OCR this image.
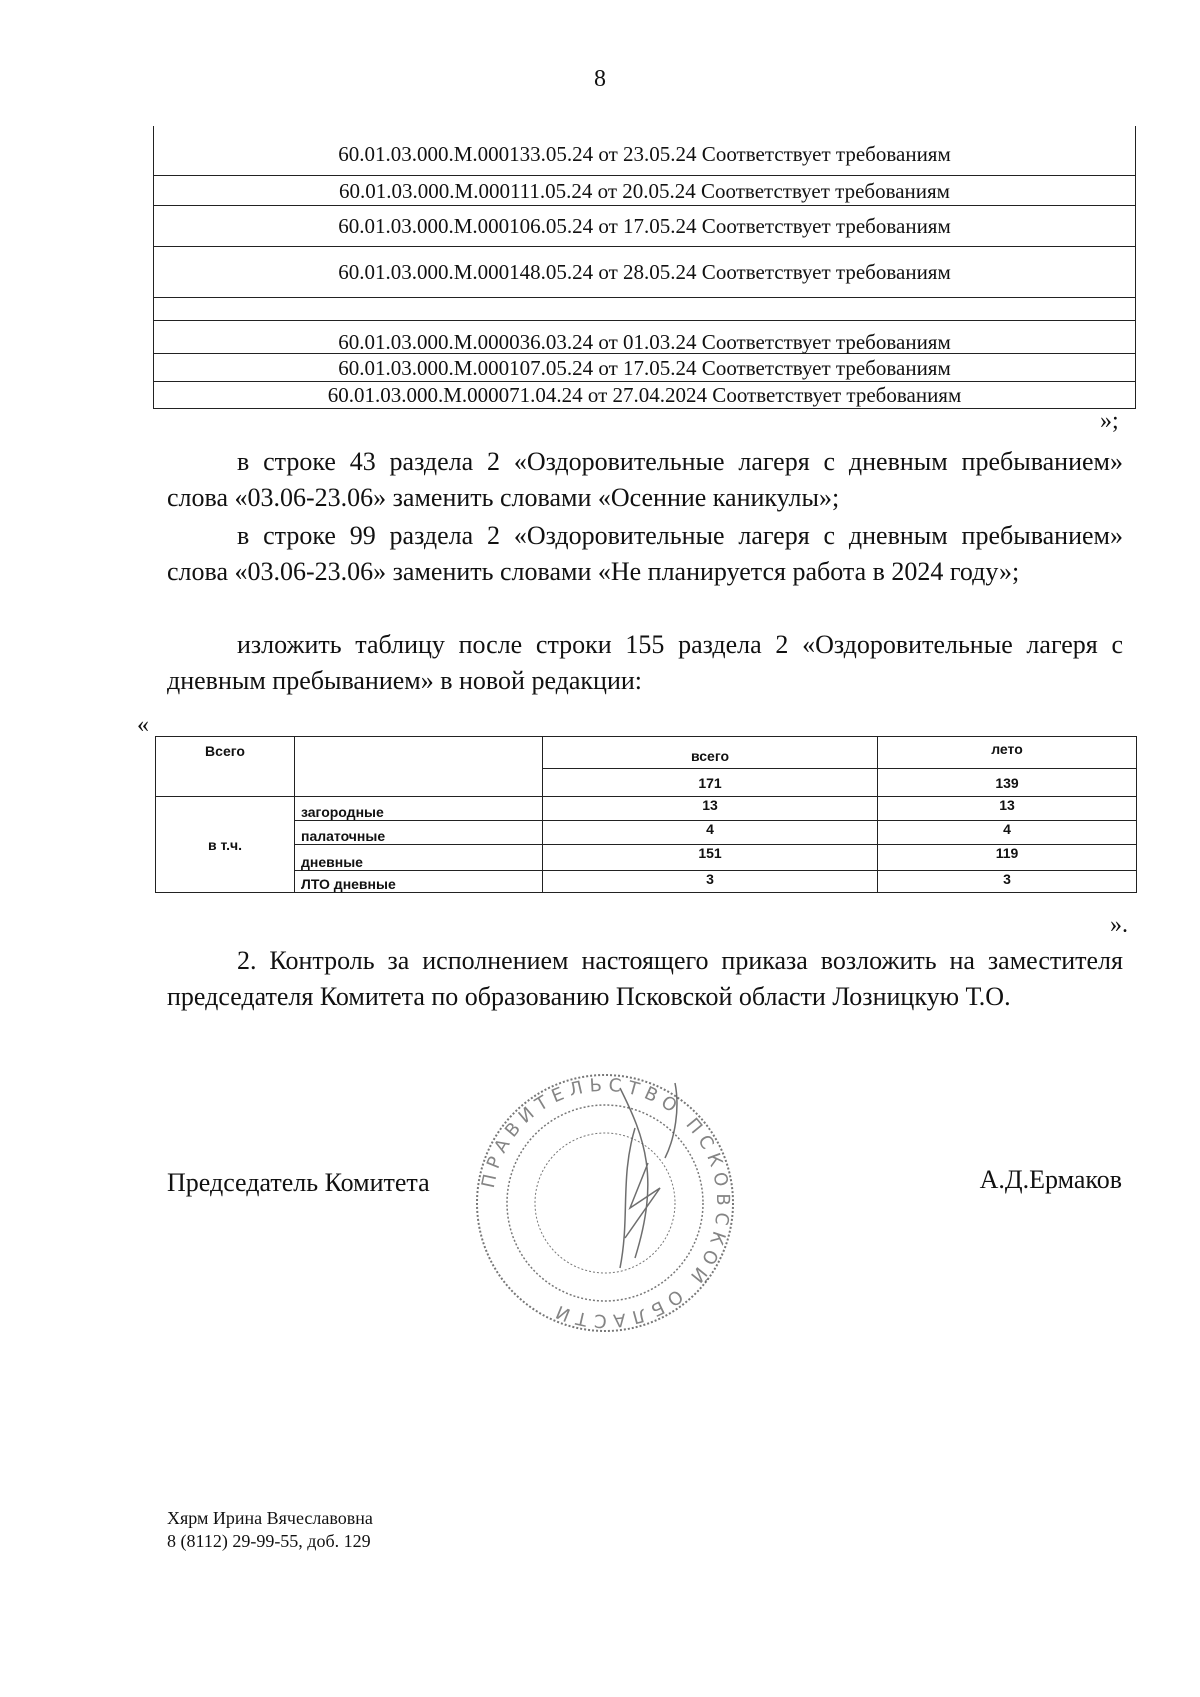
8
60.01.03.000.М.000133.05.24 от 23.05.24 Соответствует требованиям
60.01.03.000.М.000111.05.24 от 20.05.24 Соответствует требованиям
60.01.03.000.М.000106.05.24 от 17.05.24 Соответствует требованиям
60.01.03.000.М.000148.05.24 от 28.05.24 Соответствует требованиям

60.01.03.000.М.000036.03.24 от 01.03.24 Соответствует требованиям
60.01.03.000.М.000107.05.24 от 17.05.24 Соответствует требованиям
60.01.03.000.М.000071.04.24 от 27.04.2024 Соответствует требованиям
»;
в строке 43 раздела 2 «Оздоровительные лагеря с дневным пребыванием» слова «03.06-23.06» заменить словами «Осенние каникулы»;
в строке 99 раздела 2 «Оздоровительные лагеря с дневным пребыванием» слова «03.06-23.06» заменить словами «Не планируется работа в 2024 году»;
изложить таблицу после строки 155 раздела 2 «Оздоровительные лагеря с дневным пребыванием» в новой редакции:
«
Всего		всего	лето
		171	139
в т.ч.	загородные	13	13
	палаточные	4	4
	дневные	151	119
	ЛТО дневные	3	3
».
2. Контроль за исполнением настоящего приказа возложить на заместителя председателя Комитета по образованию Псковской области Лозницкую Т.О.
Председатель Комитета	ПРАВИТЕЛЬСТВО ПСКОВСКОЙ ОБЛАСТИ
А.Д.Ермаков
Хярм Ирина Вячеславовна
8 (8112) 29-99-55, доб. 129
